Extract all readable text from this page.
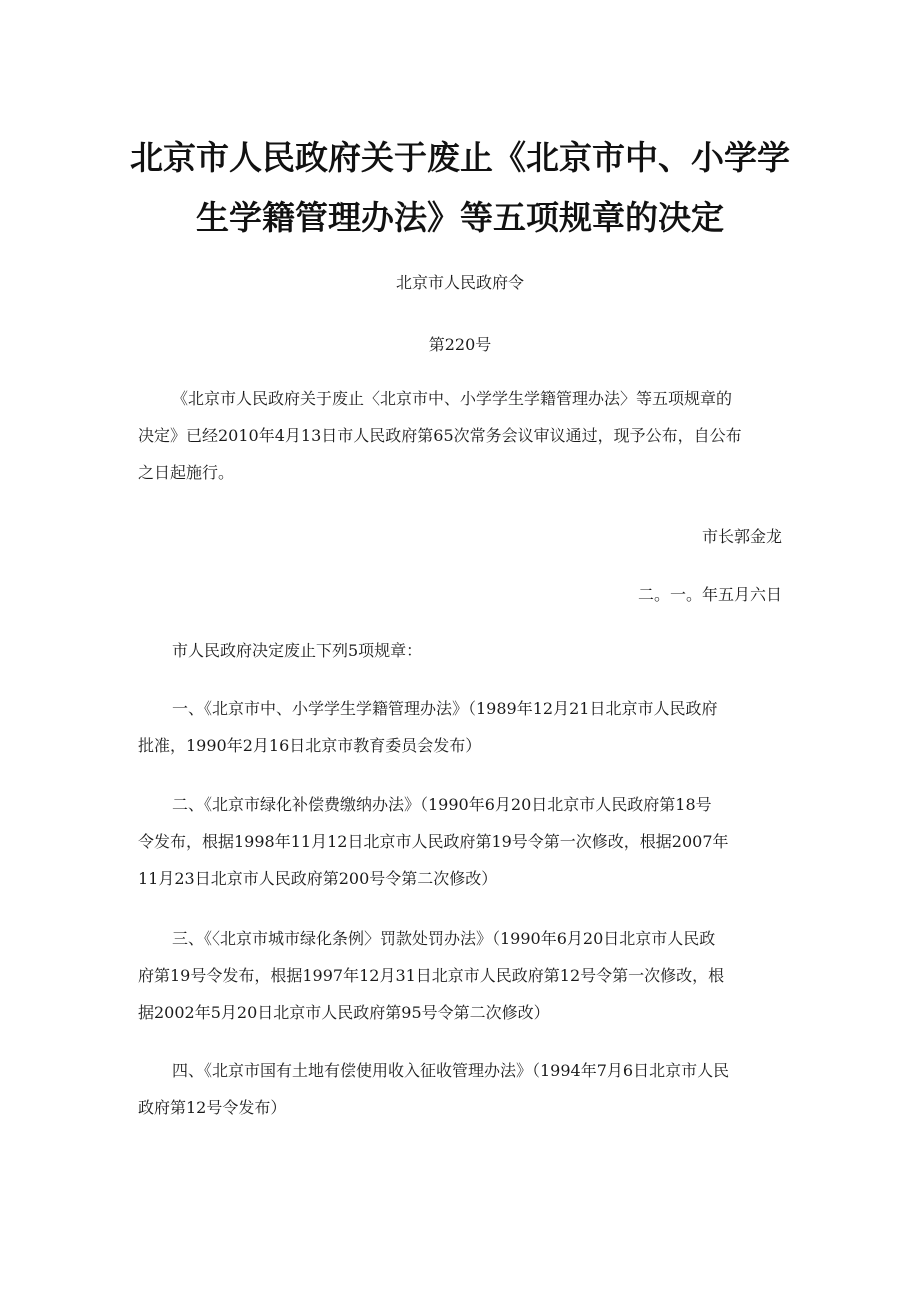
北京市人民政府关于废止《北京市中、小学学
生学籍管理办法》等五项规章的决定
北京市人民政府令
第220号
《北京市人民政府关于废止〈北京市中、小学学生学籍管理办法〉等五项规章的
决定》已经2010年4月13日市人民政府第65次常务会议审议通过，现予公布，自公布
之日起施行。
市长郭金龙
二。一。年五月六日
市人民政府决定废止下列5项规章：
一、《北京市中、小学学生学籍管理办法》（1989年12月21日北京市人民政府
批准，1990年2月16日北京市教育委员会发布）
二、《北京市绿化补偿费缴纳办法》（1990年6月20日北京市人民政府第18号
令发布，根据1998年11月12日北京市人民政府第19号令第一次修改，根据2007年
11月23日北京市人民政府第200号令第二次修改）
三、《〈北京市城市绿化条例〉罚款处罚办法》（1990年6月20日北京市人民政
府第19号令发布，根据1997年12月31日北京市人民政府第12号令第一次修改，根
据2002年5月20日北京市人民政府第95号令第二次修改）
四、《北京市国有土地有偿使用收入征收管理办法》（1994年7月6日北京市人民
政府第12号令发布）
